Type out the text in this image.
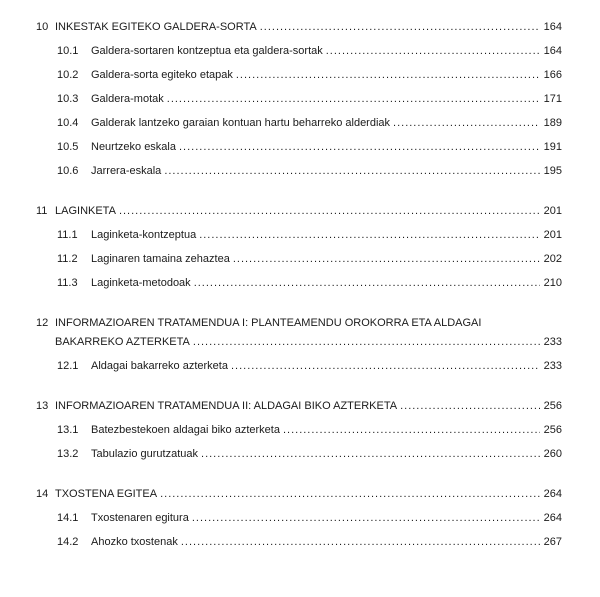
10 INKESTAK EGITEKO GALDERA-SORTA .....	164
10.1	Galdera-sortaren kontzeptua eta galdera-sortak .....	164
10.2	Galdera-sorta egiteko etapak .....	166
10.3	Galdera-motak .....	171
10.4	Galderak lantzeko garaian kontuan hartu beharreko alderdiak .....	189
10.5	Neurtzeko eskala .....	191
10.6	Jarrera-eskala .....	195
11 LAGINKETA .....	201
11.1	Laginketa-kontzeptua .....	201
11.2	Laginaren tamaina zehaztea .....	202
11.3	Laginketa-metodoak .....	210
12 INFORMAZIOAREN TRATAMENDUA I: PLANTEAMENDU OROKORRA ETA ALDAGAI
BAKARREKO AZTERKETA .....	233
12.1	Aldagai bakarreko azterketa .....	233
13 INFORMAZIOAREN TRATAMENDUA II: ALDAGAI BIKO AZTERKETA .....	256
13.1	Batezbestekoen aldagai biko azterketa .....	256
13.2	Tabulazio gurutzatuak .....	260
14 TXOSTENA EGITEA .....	264
14.1	Txostenaren egitura .....	264
14.2	Ahozko txostenak .....	267
